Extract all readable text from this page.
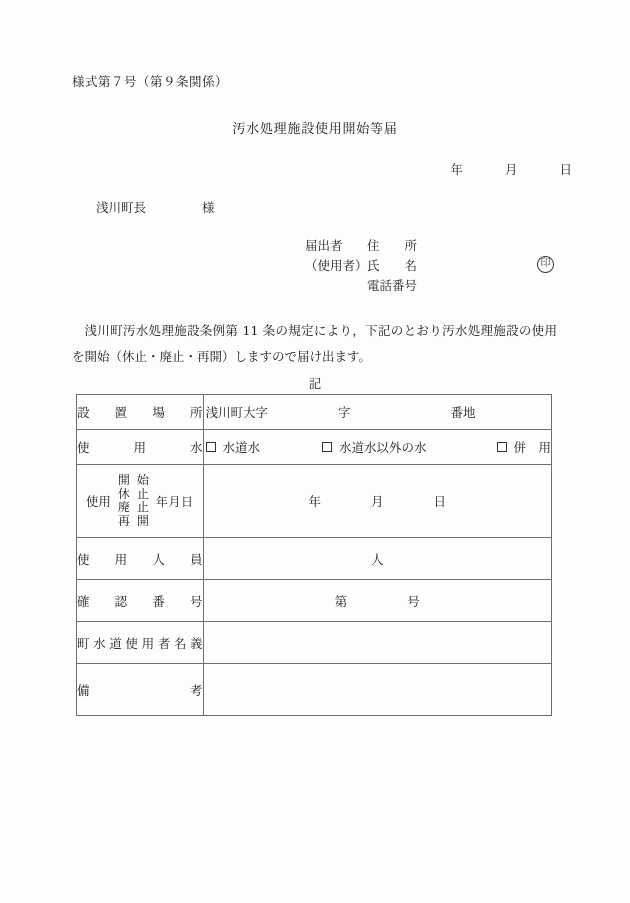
様式第７号（第９条関係）
汚水処理施設使用開始等届
年	月	日
浅川町長	様
届出者	住　　所
（使用者） 氏　　名
電話番号
印
浅川町汚水処理施設条例第 11 条の規定により，下記のとおり汚水処理施設の使用を開始（休止・廃止・再開）しますので届け出ます。
記
設置場所	浅川町大字 字 番地

使用水	水道水 水道水以外の水 併　用

使用
開
休
廃
再
始
止
止
開
年月日	年	月	日

使用人員	人

確認番号	第 号

町水道使用者名義	

備考	
